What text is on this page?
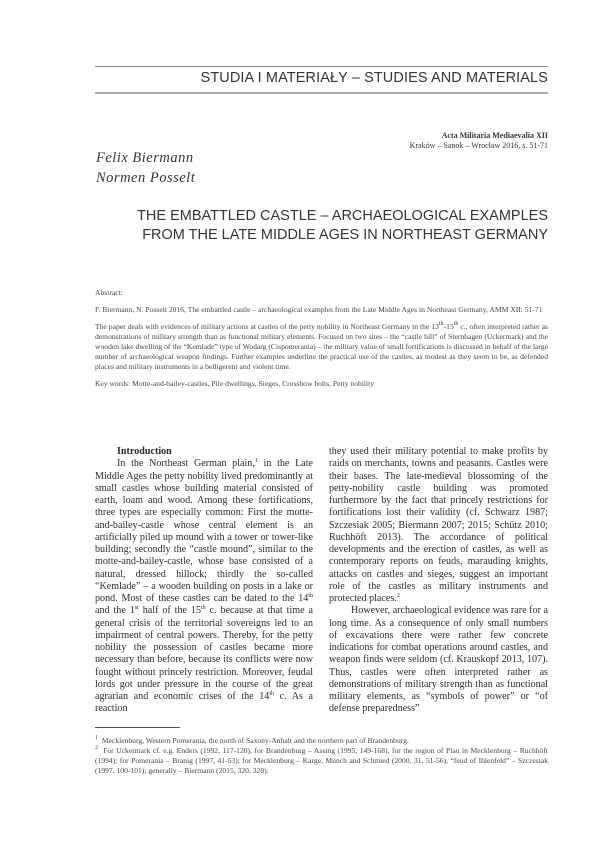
STUDIA I MATERIAŁY – STUDIES AND MATERIALS
Acta Militaria Mediaevalia XII
Kraków – Sanok – Wrocław 2016, s. 51-71
Felix Biermann
Normen Posselt
THE EMBATTLED CASTLE – ARCHAEOLOGICAL EXAMPLES
FROM THE LATE MIDDLE AGES IN NORTHEAST GERMANY

Abstract:

F. Biermann, N. Posselt 2016, The embattled castle – archaeological examples from the Late Middle Ages in Northeast Germany, AMM XII: 51-71

The paper deals with evidences of military actions at castles of the petty nobility in Northeast Germany in the 13th-15th c., often interpreted rather as demonstrations of military strength than as functional military elements. Focused on two sites – the “castle hill” of Sternhagen (Uckermark) and the wooden lake dwelling of the “Kemlade” type of Wodarg (Cispomerania) – the military value of small fortifications is discussed in behalf of the large number of archaeological weapon findings. Further examples underline the practical use of the castles, as modest as they seem to be, as defended places and military instruments in a belligerent and violent time.

Key words: Motte-and-bailey-castles, Pile dwellings, Sieges, Crossbow bolts, Petty nobility

Introduction

In the Northeast German plain,$^1$ in the Late Middle Ages the petty nobility lived predominantly at small castles whose building material consisted of earth, loam and wood. Among these fortifications, three types are especially common: First the motte-and-bailey-castle whose central element is an artificially piled up mound with a tower or tower-like building; secondly the “castle mound”, similar to the motte-and-bailey-castle, whose base consisted of a natural, dressed hillock; thirdly the so-called “Kemlade” – a wooden building on posts in a lake or pond. Most of these castles can be dated to the 14th and the 1st half of the 15th c. because at that time a general crisis of the territorial sovereigns led to an impairment of central powers. Thereby, for the petty nobility the possession of castles became more necessary than before, because its conflicts were now fought without princely restriction. Moreover, feudal lords got under pressure in the course of the great agrarian and economic crises of the 14th c. As a reaction

they used their military potential to make profits by raids on merchants, towns and peasants. Castles were their bases. The late-medieval blossoming of the petty-nobility castle building was promoted furthermore by the fact that princely restrictions for fortifications lost their validity (cf. Schwarz 1987; Szczesiak 2005; Biermann 2007; 2015; Schütz 2010; Ruchhöft 2013). The accordance of political developments and the erection of castles, as well as contemporary reports on feuds, marauding knights, attacks on castles and sieges, suggest an important role of the castles as military instruments and protected places.$^2$

However, archaeological evidence was rare for a long time. As a consequence of only small numbers of excavations there were rather few concrete indications for combat operations around castles, and weapon finds were seldom (cf. Krauskopf 2013, 107). Thus, castles were often interpreted rather as demonstrations of military strength than as functional military elements, as “symbols of power” or “of defense preparedness”

$^1$ Mecklenburg, Western Pomerania, the north of Saxony-Anhalt and the northern part of Brandenburg.

$^2$ For Uckermark cf. e.g. Enders (1992, 117-120), for Brandenburg – Assing (1995, 149-168), for the region of Plau in Mecklenburg – Ruchhöft (1994); for Pomerania – Branig (1997, 41-53); for Mecklenburg – Karge, Münch and Schmied (2000, 31, 51-56), “feud of Ihlenfeld” – Szczesiak (1997, 100-101); generally – Biermann (2015, 320, 328).
